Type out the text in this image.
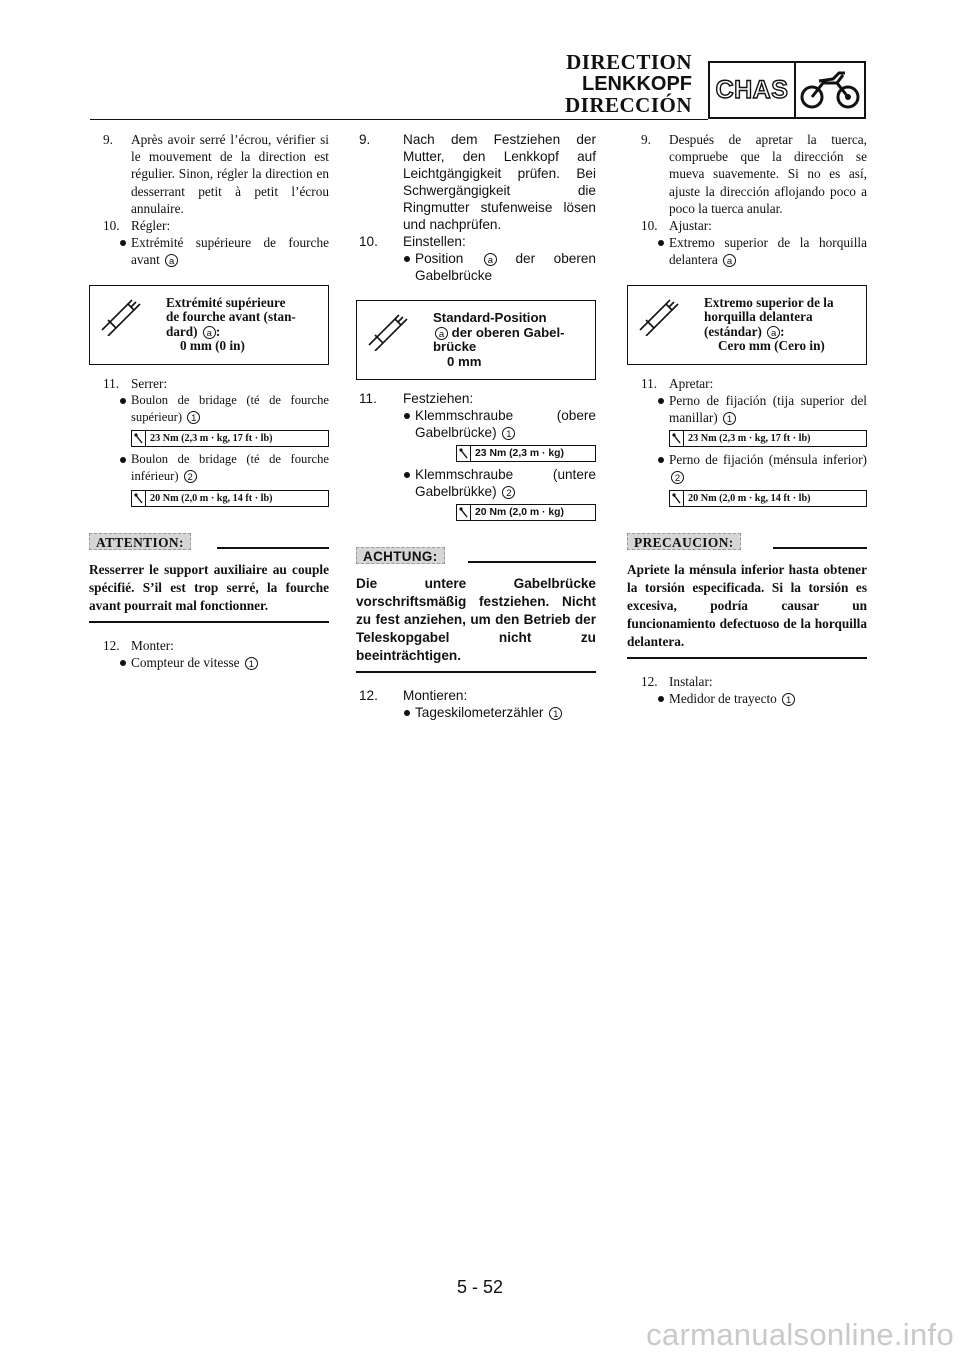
DIRECTION
LENKKOPF
DIRECCIÓN
CHAS
9. Après avoir serré l’écrou, vérifier si le mouvement de la direction est régulier. Sinon, régler la direction en desserrant petit à petit l’écrou annulaire.
10. Régler:
Extrémité supérieure de fourche avant a
Extrémité supérieure
de fourche avant (stan-
dard) a :
0 mm (0 in)
11. Serrer:
Boulon de bridage (té de fourche supérieur) 1
23 Nm (2,3 m · kg, 17 ft · lb)
Boulon de bridage (té de fourche inférieur) 2
20 Nm (2,0 m · kg, 14 ft · lb)
ATTENTION:
Resserrer le support auxiliaire au couple spécifié. S’il est trop serré, la fourche avant pourrait mal fonctionner.
12. Monter:
Compteur de vitesse 1
9. Nach dem Festziehen der Mutter, den Lenkkopf auf Leichtgängigkeit prüfen. Bei Schwergängigkeit die Ringmutter stufenweise lösen und nachprüfen.
10. Einstellen:
Position	a der oberen Gabelbrücke
Standard-Position
a der oberen Gabel-
brücke
0 mm
11. Festziehen:
Klemmschraube (obere Gabelbrücke) 1
23 Nm (2,3 m · kg)
Klemmschraube (untere Gabelbrükke) 2
20 Nm (2,0 m · kg)
ACHTUNG:
Die untere Gabelbrücke vorschriftsmäßig festziehen. Nicht zu fest anziehen, um den Betrieb der Teleskopgabel nicht zu beeinträchtigen.
12. Montieren:
Tageskilometerzähler 1
9. Después de apretar la tuerca, compruebe que la dirección se mueva suavemente. Si no es así, ajuste la dirección aflojando poco a poco la tuerca anular.
10. Ajustar:
Extremo superior de la horquilla delantera a
Extremo superior de la
horquilla delantera
(estándar) a :
Cero mm (Cero in)
11. Apretar:
Perno de fijación (tija superior del manillar) 1
23 Nm (2,3 m · kg, 17 ft · lb)
Perno de fijación (ménsula inferior) 2
20 Nm (2,0 m · kg, 14 ft · lb)
PRECAUCION:
Apriete la ménsula inferior hasta obtener la torsión especificada. Si la torsión es excesiva, podría causar un funcionamiento defectuoso de la horquilla delantera.
12. Instalar:
Medidor de trayecto 1
5 - 52
carmanualsonline.info
